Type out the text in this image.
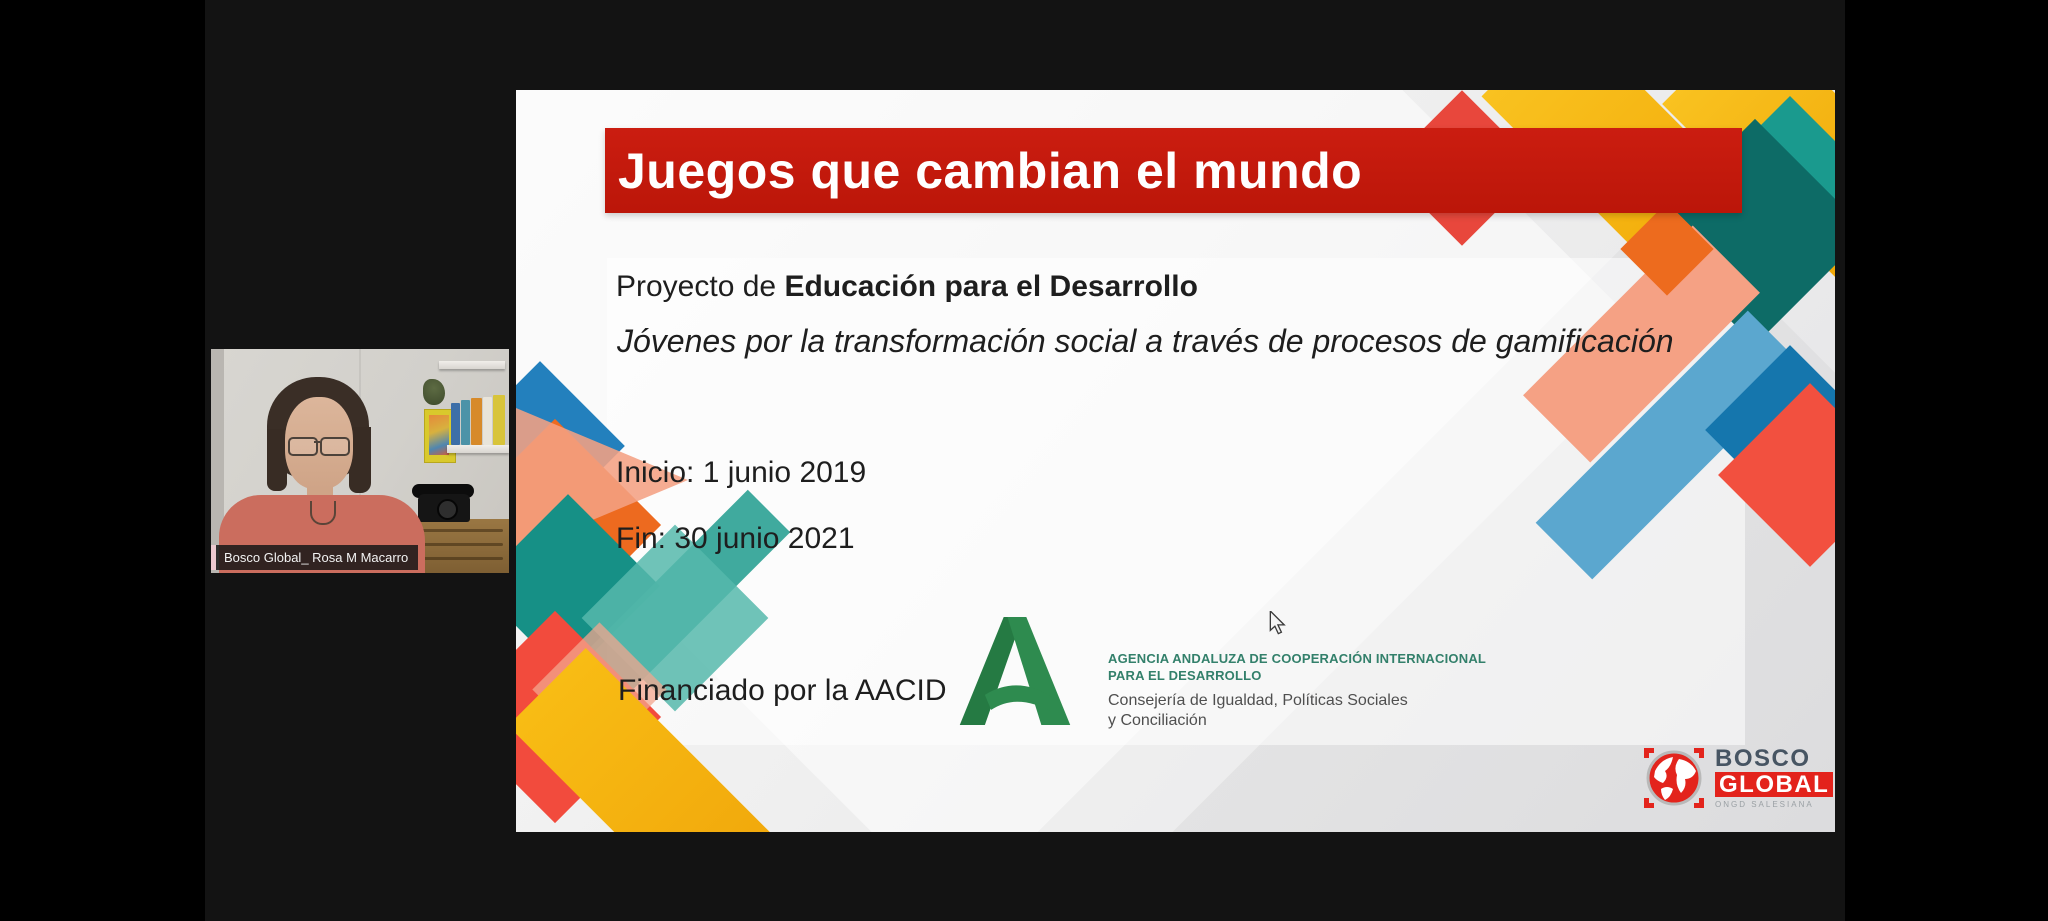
Bosco Global_ Rosa M Macarro
Juegos que cambian el mundo
Proyecto de Educación para el Desarrollo
Jóvenes por la transformación social a través de procesos de gamificación
Inicio: 1 junio 2019
Fin: 30 junio 2021
Financiado por la AACID
AGENCIA ANDALUZA DE COOPERACIÓN INTERNACIONAL
PARA EL DESARROLLO
Consejería de Igualdad, Políticas Sociales
y Conciliación
BOSCO
GLOBAL
ONGD SALESIANA
